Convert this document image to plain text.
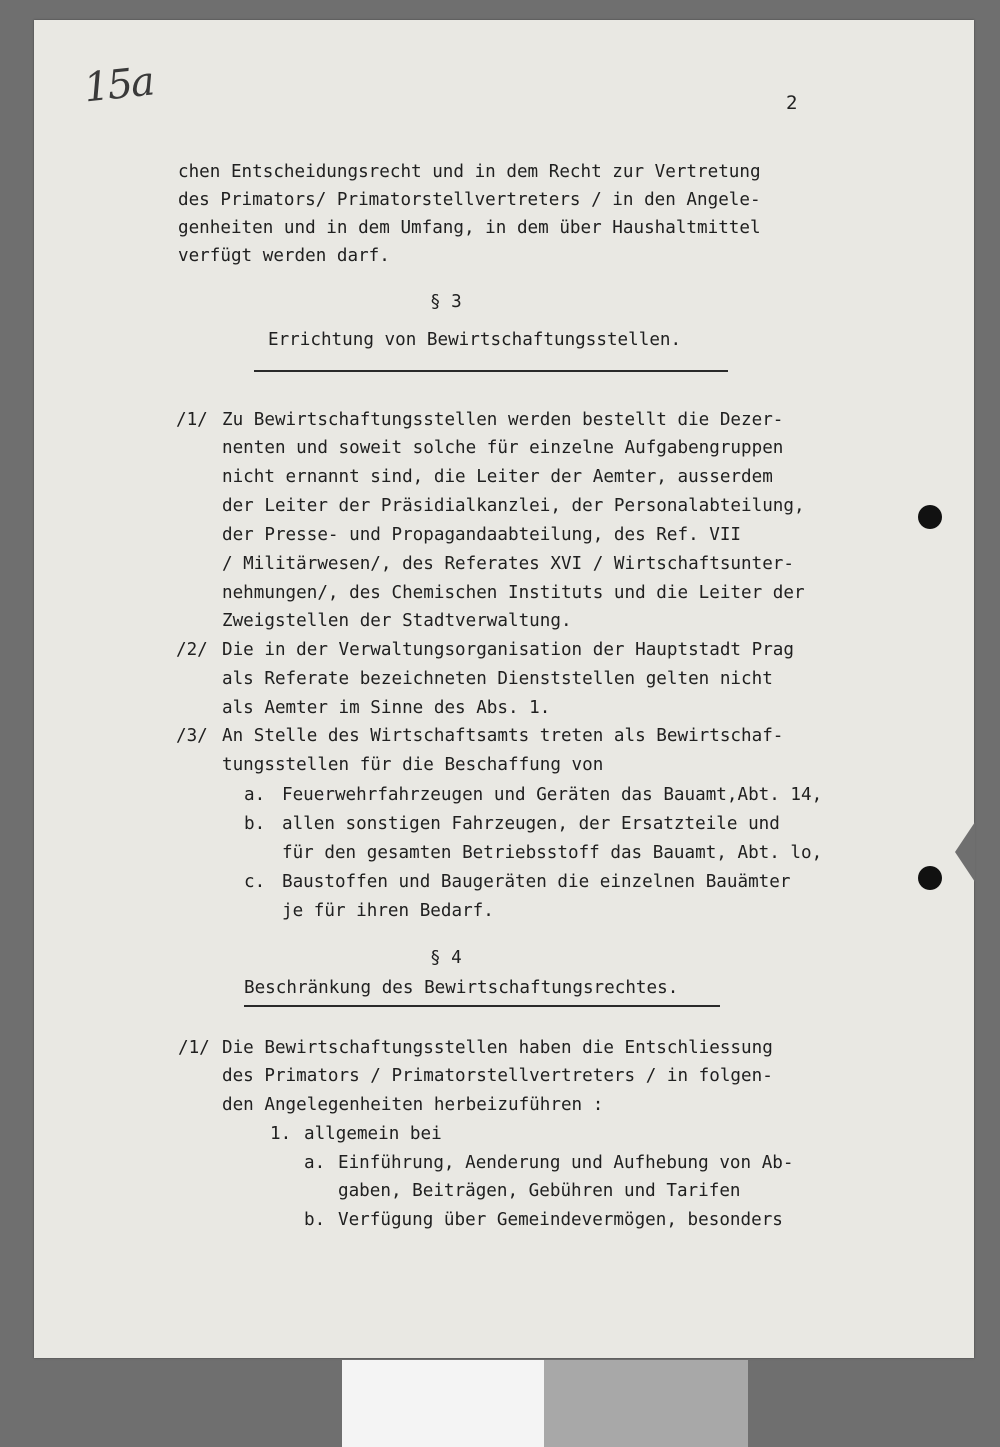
15a	2
chen Entscheidungsrecht und in dem Recht zur Vertretung
des Primators/ Primatorstellvertreters / in den Angele-
genheiten und in dem Umfang, in dem über Haushaltmittel
verfügt werden darf.
§ 3
Errichtung von Bewirtschaftungsstellen.
/1/ Zu Bewirtschaftungsstellen werden bestellt die Dezer-
nenten und soweit solche für einzelne Aufgabengruppen
nicht ernannt sind, die Leiter der Aemter, ausserdem
der Leiter der Präsidialkanzlei, der Personalabteilung,
der Presse- und Propagandaabteilung, des Ref. VII
/ Militärwesen/, des Referates XVI / Wirtschaftsunter-
nehmungen/, des Chemischen Instituts und die Leiter der
Zweigstellen der Stadtverwaltung.
/2/ Die in der Verwaltungsorganisation der Hauptstadt Prag
als Referate bezeichneten Dienststellen gelten nicht
als Aemter im Sinne des Abs. 1.
/3/ An Stelle des Wirtschaftsamts treten als Bewirtschaf-
tungsstellen für die Beschaffung von
a. Feuerwehrfahrzeugen und Geräten das Bauamt,Abt. 14,
b. allen sonstigen Fahrzeugen, der Ersatzteile und
für den gesamten Betriebsstoff das Bauamt, Abt. lo,
c. Baustoffen und Baugeräten die einzelnen Bauämter
je für ihren Bedarf.
§ 4
Beschränkung des Bewirtschaftungsrechtes.
/1/ Die Bewirtschaftungsstellen haben die Entschliessung
des Primators / Primatorstellvertreters / in folgen-
den Angelegenheiten herbeizuführen :
1. allgemein bei
a. Einführung, Aenderung und Aufhebung von Ab-
gaben, Beiträgen, Gebühren und Tarifen
b. Verfügung über Gemeindevermögen, besonders
